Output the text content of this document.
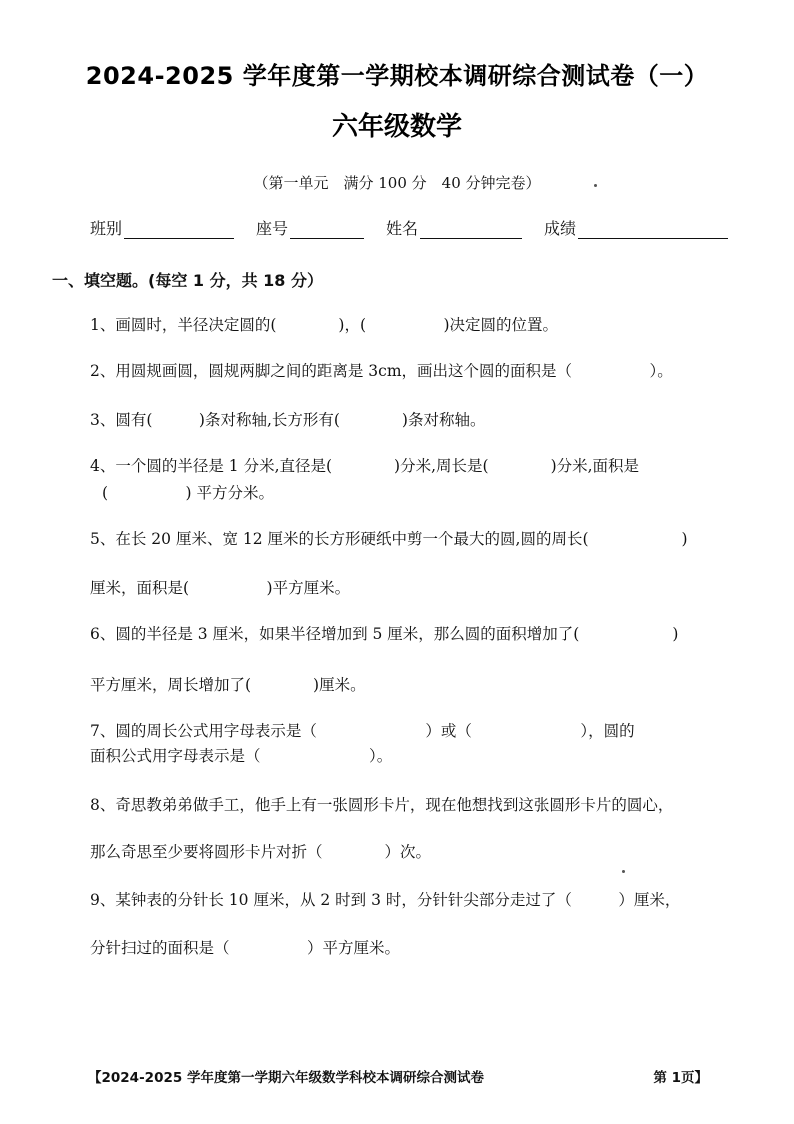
2024-2025 学年度第一学期校本调研综合测试卷（一）
六年级数学
（第一单元　满分 100 分　40 分钟完卷）
班别	座号	姓名	成绩
一、填空题。(每空 1 分，共 18 分）
1、画圆时，半径决定圆的(　　　　)，(　　　　　)决定圆的位置。
2、用圆规画圆，圆规两脚之间的距离是 3cm，画出这个圆的面积是（　　　　　）。
3、圆有(　　　)条对称轴,长方形有(　　　　)条对称轴。
4、一个圆的半径是 1 分米,直径是(　　　　)分米,周长是(　　　　)分米,面积是
(　　　　　) 平方分米。
5、在长 20 厘米、宽 12 厘米的长方形硬纸中剪一个最大的圆,圆的周长(　　　　　　)
厘米，面积是(　　　　　)平方厘米。
6、圆的半径是 3 厘米，如果半径增加到 5 厘米，那么圆的面积增加了(　　　　　　)
平方厘米，周长增加了(　　　　)厘米。
7、圆的周长公式用字母表示是（　　　　　　　）或（　　　　　　　），圆的
面积公式用字母表示是（　　　　　　　）。
8、奇思教弟弟做手工，他手上有一张圆形卡片，现在他想找到这张圆形卡片的圆心，
那么奇思至少要将圆形卡片对折（　　　　）次。
9、某钟表的分针长 10 厘米，从 2 时到 3 时，分针针尖部分走过了（　　　）厘米，
分针扫过的面积是（　　　　　）平方厘米。
【2024-2025 学年度第一学期六年级数学科校本调研综合测试卷	第 1页】
